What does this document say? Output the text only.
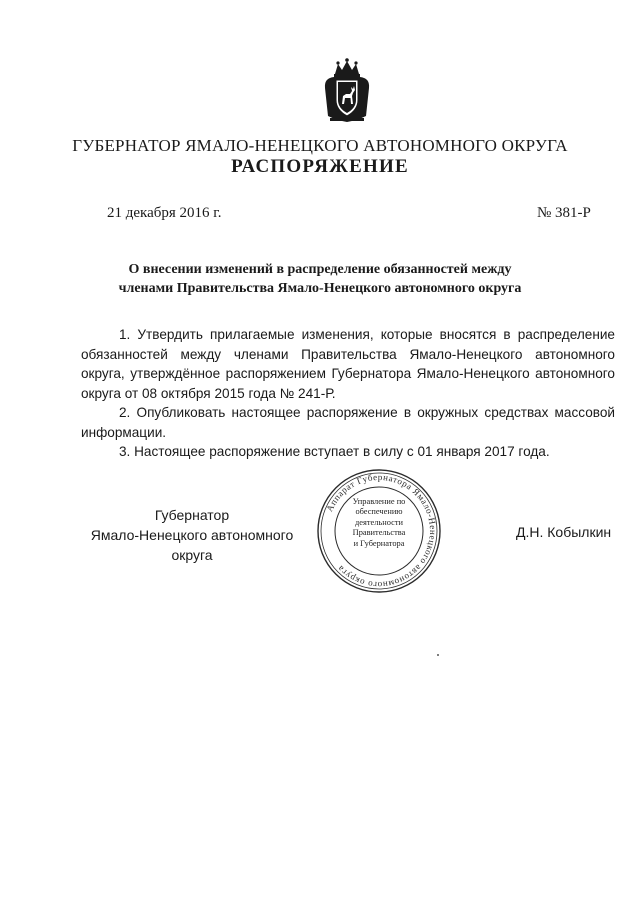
ГУБЕРНАТОР ЯМАЛО-НЕНЕЦКОГО АВТОНОМНОГО ОКРУГА
РАСПОРЯЖЕНИЕ
21 декабря 2016 г.	№ 381-Р
О внесении изменений в распределение обязанностей между
членами Правительства Ямало-Ненецкого автономного округа

1. Утвердить прилагаемые изменения, которые вносятся в распределение обязанностей между членами Правительства Ямало-Ненецкого автономного округа, утверждённое распоряжением Губернатора Ямало-Ненецкого автономного округа от 08 октября 2015 года № 241-Р.

2. Опубликовать настоящее распоряжение в окружных средствах массовой информации.

3. Настоящее распоряжение вступает в силу с 01 января 2017 года.

Губернатор
Ямало-Ненецкого автономного округа
Аппарат Губернатора Ямало-Ненецкого автономного округа
Управление по
обеспечению
деятельности
Правительства
и Губернатора
Д.Н. Кобылкин
